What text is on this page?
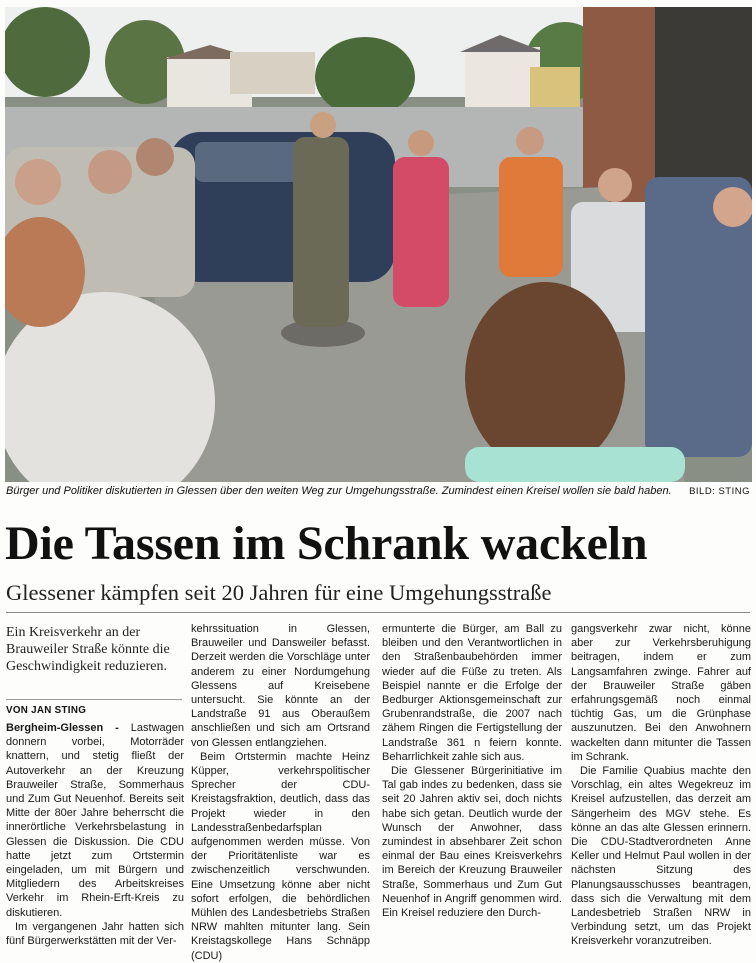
Bürger und Politiker diskutierten in Glessen über den weiten Weg zur Umgehungsstraße. Zumindest einen Kreisel wollen sie bald haben.	BILD: STING
Die Tassen im Schrank wackeln
Glessener kämpfen seit 20 Jahren für eine Umgehungsstraße
Ein Kreisverkehr an der Brauweiler Straße könnte die Geschwindigkeit reduzieren.
VON JAN STING

Bergheim-Glessen - Lastwagen donnern vorbei, Motorräder knattern, und stetig fließt der Autoverkehr an der Kreuzung Brauweiler Straße, Sommerhaus und Zum Gut Neuenhof. Bereits seit Mitte der 80er Jahre beherrscht die innerörtliche Verkehrsbelastung in Glessen die Diskussion. Die CDU hatte jetzt zum Ortstermin eingeladen, um mit Bürgern und Mitgliedern des Arbeitskreises Verkehr im Rhein-Erft-Kreis zu diskutieren.

Im vergangenen Jahr hatten sich fünf Bürgerwerkstätten mit der Ver-

kehrssituation in Glessen, Brauweiler und Dansweiler befasst. Derzeit werden die Vorschläge unter anderem zu einer Nordumgehung Glessens auf Kreisebene untersucht. Sie könnte an der Landstraße 91 aus Oberaußem anschließen und sich am Ortsrand von Glessen entlangziehen.

Beim Ortstermin machte Heinz Küpper, verkehrspolitischer Sprecher der CDU-Kreistagsfraktion, deutlich, dass das Projekt wieder in den Landesstraßenbedarfsplan aufgenommen werden müsse. Von der Prioritätenliste war es zwischenzeitlich verschwunden. Eine Umsetzung könne aber nicht sofort erfolgen, die behördlichen Mühlen des Landesbetriebs Straßen NRW mahlten mitunter lang. Sein Kreistagskollege Hans Schnäpp (CDU)

ermunterte die Bürger, am Ball zu bleiben und den Verantwortlichen in den Straßenbaubehörden immer wieder auf die Füße zu treten. Als Beispiel nannte er die Erfolge der Bedburger Aktionsgemeinschaft zur Grubenrandstraße, die 2007 nach zähem Ringen die Fertigstellung der Landstraße 361 n feiern konnte. Beharrlichkeit zahle sich aus.

Die Glessener Bürgerinitiative im Tal gab indes zu bedenken, dass sie seit 20 Jahren aktiv sei, doch nichts habe sich getan. Deutlich wurde der Wunsch der Anwohner, dass zumindest in absehbarer Zeit schon einmal der Bau eines Kreisverkehrs im Bereich der Kreuzung Brauweiler Straße, Sommerhaus und Zum Gut Neuenhof in Angriff genommen wird. Ein Kreisel reduziere den Durch-

gangsverkehr zwar nicht, könne aber zur Verkehrsberuhigung beitragen, indem er zum Langsamfahren zwinge. Fahrer auf der Brauweiler Straße gäben erfahrungsgemäß noch einmal tüchtig Gas, um die Grünphase auszunutzen. Bei den Anwohnern wackelten dann mitunter die Tassen im Schrank.

Die Familie Quabius machte den Vorschlag, ein altes Wegekreuz im Kreisel aufzustellen, das derzeit am Sängerheim des MGV stehe. Es könne an das alte Glessen erinnern. Die CDU-Stadtverordneten Anne Keller und Helmut Paul wollen in der nächsten Sitzung des Planungsausschusses beantragen, dass sich die Verwaltung mit dem Landesbetrieb Straßen NRW in Verbindung setzt, um das Projekt Kreisverkehr voranzutreiben.
